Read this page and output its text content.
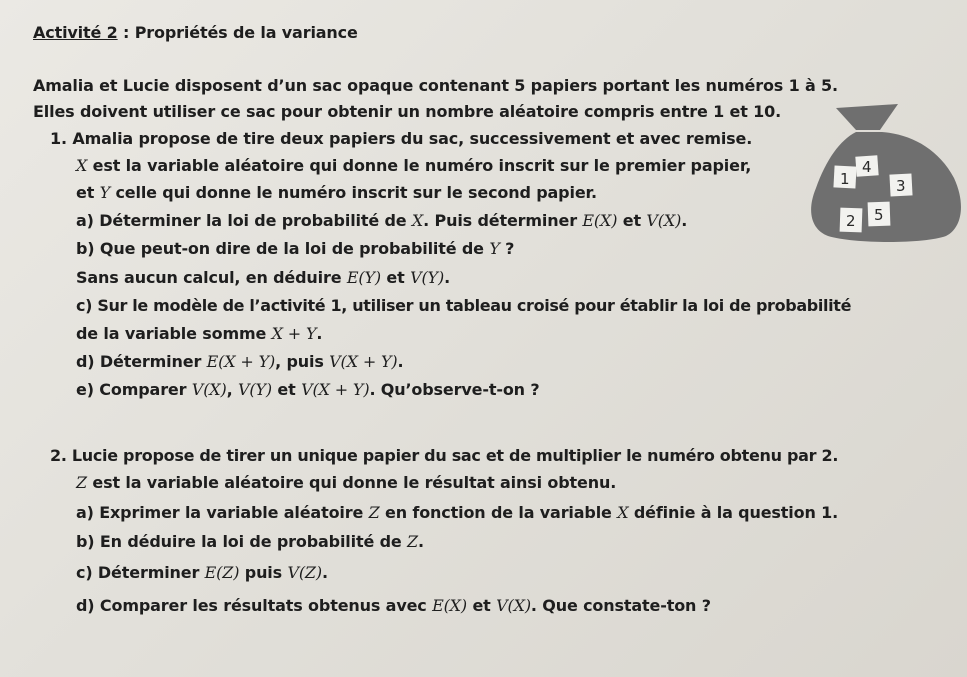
Activité 2 : Propriétés de la variance
Amalia et Lucie disposent d’un sac opaque contenant 5 papiers portant les numéros 1 à 5.
Elles doivent utiliser ce sac pour obtenir un nombre aléatoire compris entre 1 et 10.
1. Amalia propose de tire deux papiers du sac, successivement et avec remise.
X est la variable aléatoire qui donne le numéro inscrit sur le premier papier,
et Y celle qui donne le numéro inscrit sur le second papier.
a) Déterminer la loi de probabilité de X. Puis déterminer E(X) et V(X).
b) Que peut-on dire de la loi de probabilité de Y ?
Sans aucun calcul, en déduire E(Y) et V(Y).
c) Sur le modèle de l’activité 1, utiliser un tableau croisé pour établir la loi de probabilité
de la variable somme X + Y.
d) Déterminer E(X + Y), puis V(X + Y).
e) Comparer V(X), V(Y) et V(X + Y). Qu’observe-t-on ?
2. Lucie propose de tirer un unique papier du sac et de multiplier le numéro obtenu par 2.
Z est la variable aléatoire qui donne le résultat ainsi obtenu.
a) Exprimer la variable aléatoire Z en fonction de la variable X définie à la question 1.
b) En déduire la loi de probabilité de Z.
c) Déterminer E(Z) puis V(Z).
d) Comparer les résultats obtenus avec E(X) et V(X). Que constate-ton ?
4
1	3
2 5
